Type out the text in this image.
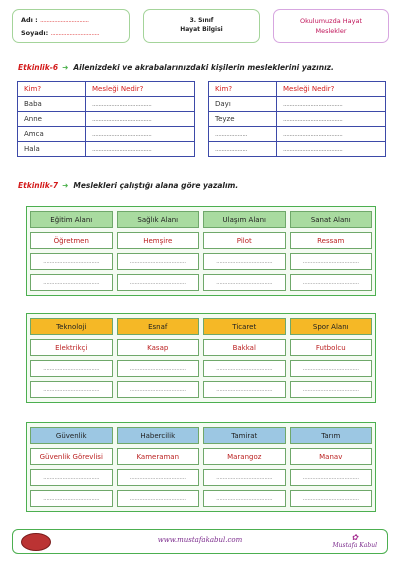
Adı : ...............................
Soyadı: ...............................
3. Sınıf
Hayat Bilgisi
Okulumuzda Hayat
Meslekler
Etkinlik-6 ➜ Ailenizdeki ve akrabalarınızdaki kişilerin mesleklerini yazınız.
Kim?	Mesleği Nedir?
Baba	.....................................
Anne	.....................................
Amca	.....................................
Hala	.....................................
Kim?	Mesleği Nedir?
Dayı	.....................................
Teyze	.....................................
....................	.....................................
....................	.....................................
Etkinlik-7 ➜ Meslekleri çalıştığı alana göre yazalım.
Eğitim Alanı	Sağlık Alanı	Ulaşım Alanı	Sanat Alanı
Öğretmen	Hemşire	Pilot	Ressam
...................................	...................................	...................................	...................................
...................................	...................................	...................................	...................................
Teknoloji	Esnaf	Ticaret	Spor Alanı
Elektrikçi	Kasap	Bakkal	Futbolcu
...................................	...................................	...................................	...................................
...................................	...................................	...................................	...................................
Güvenlik	Habercilik	Tamirat	Tarım
Güvenlik Görevlisi	Kameraman	Marangoz	Manav
...................................	...................................	...................................	...................................
...................................	...................................	...................................	...................................
www.mustafakabul.com	✿
Mustafa Kabul
